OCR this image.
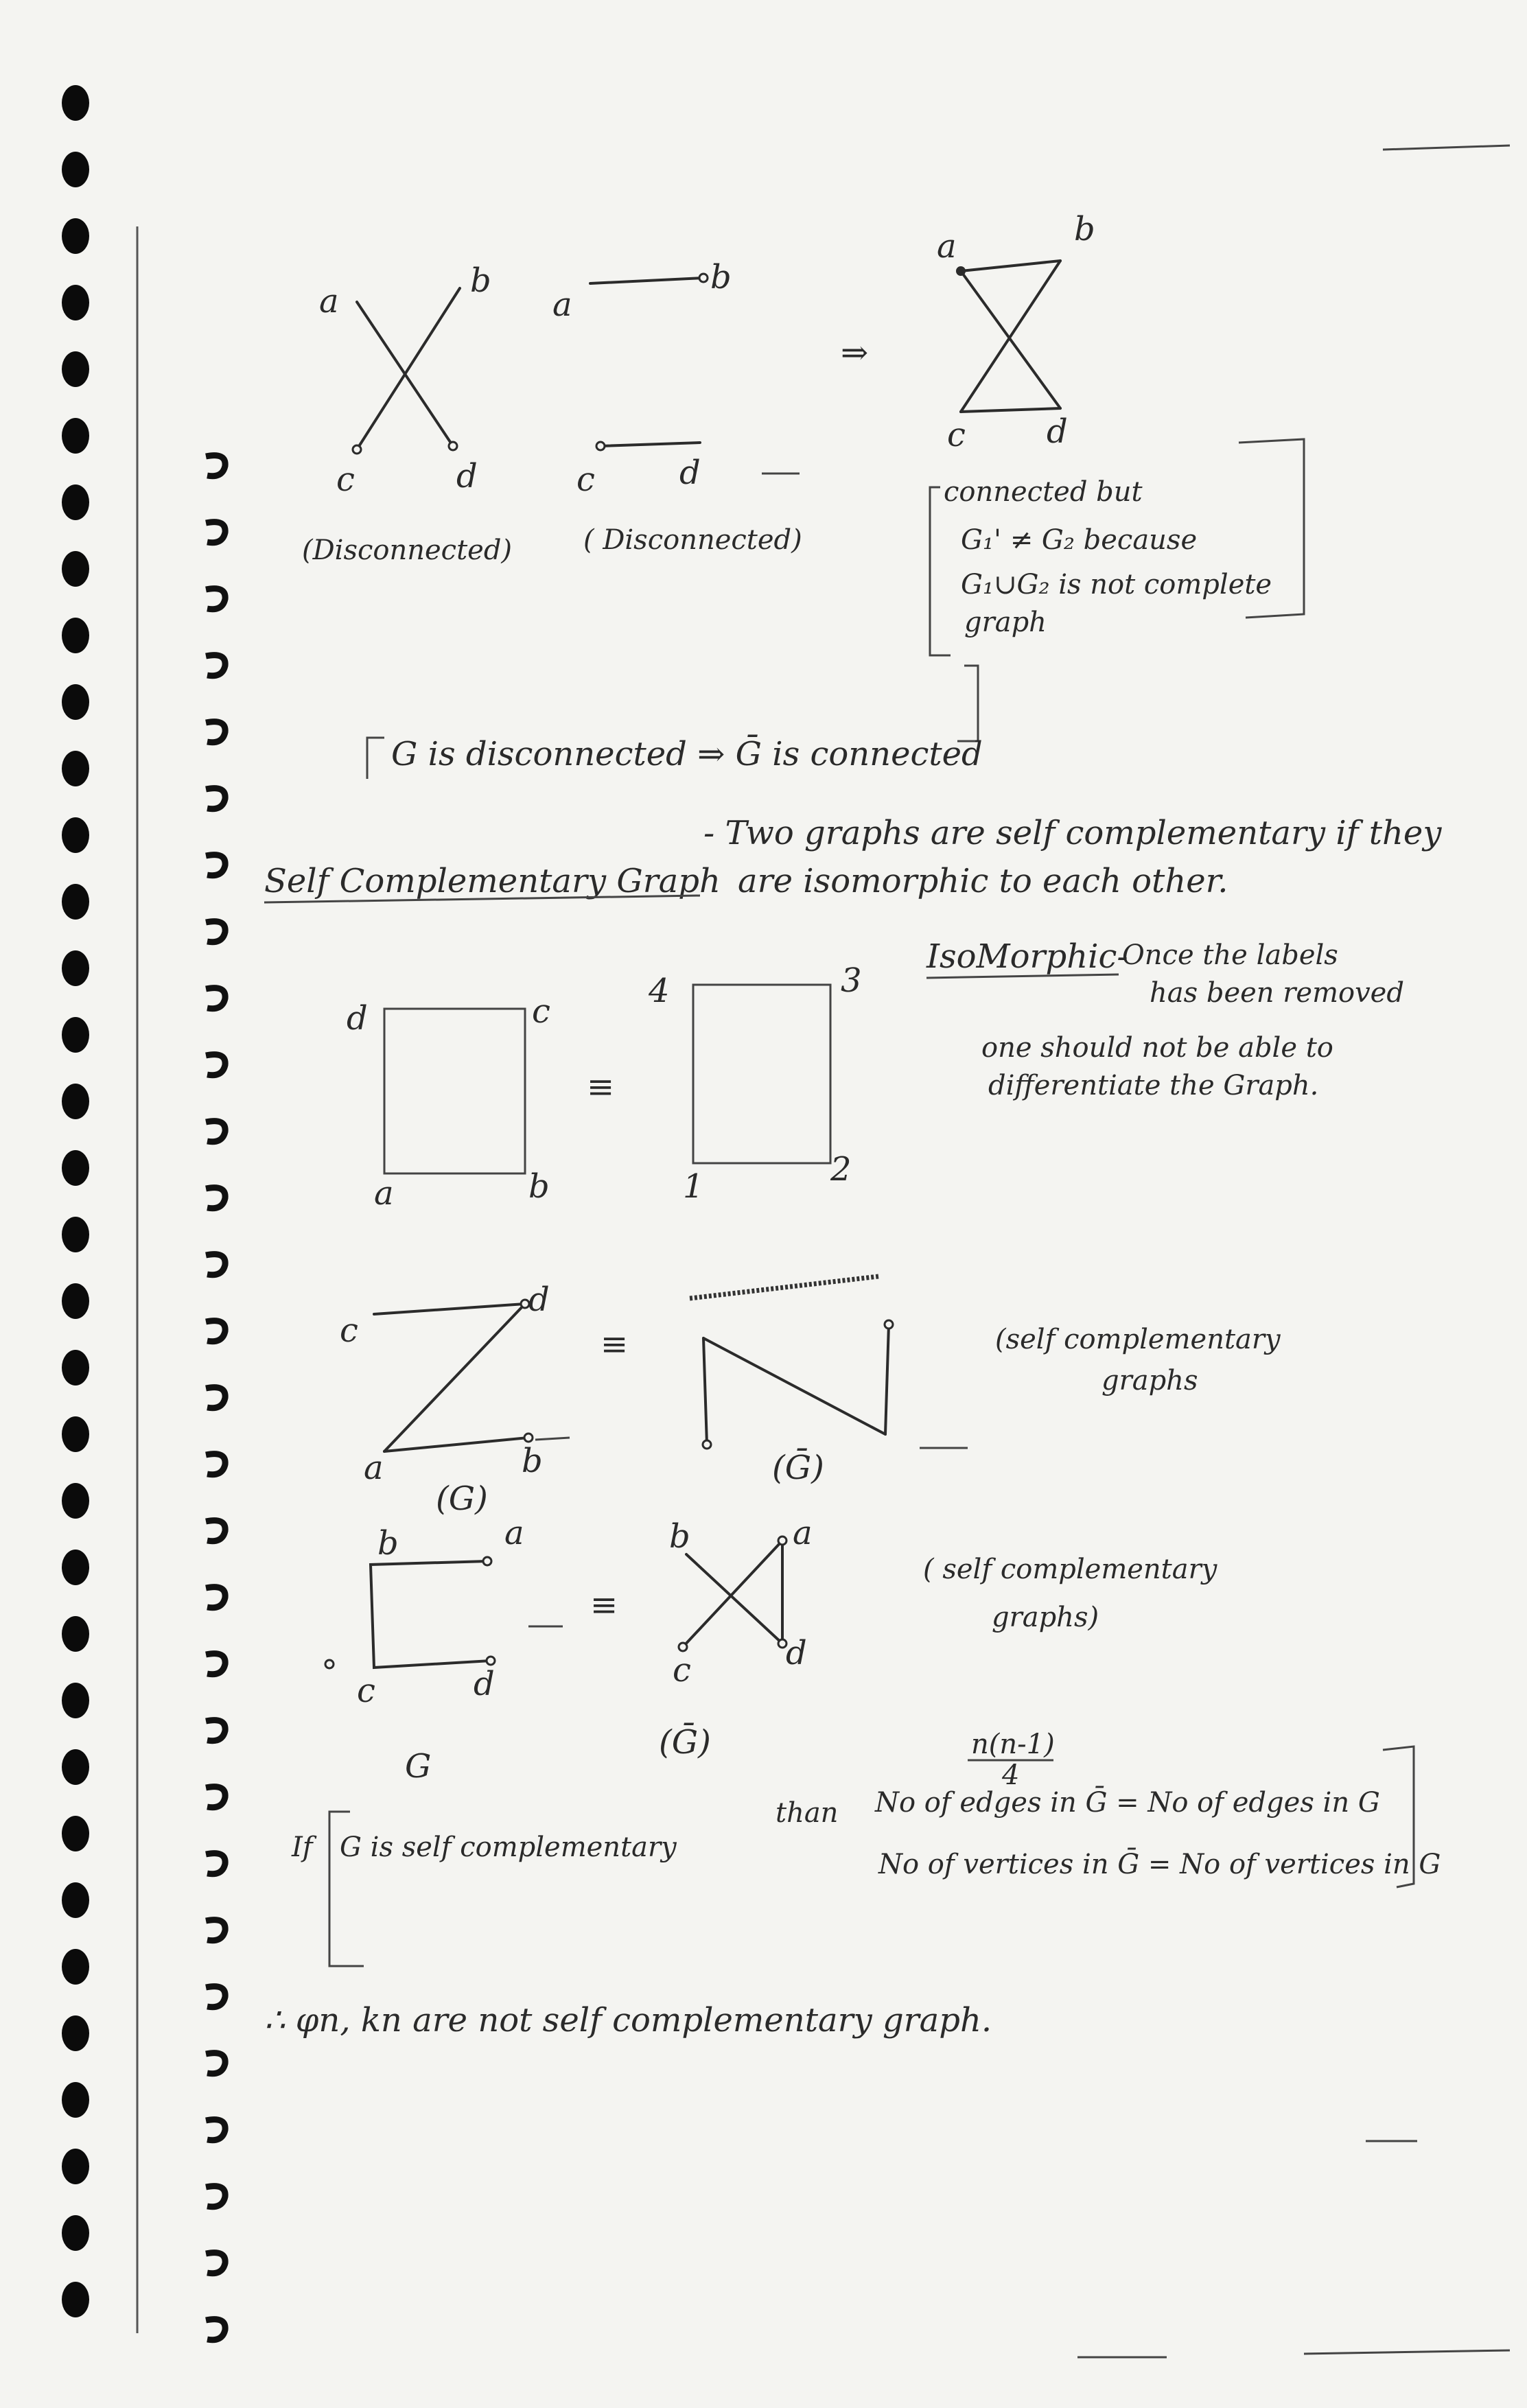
a
b
c	d
(Disconnected)
a
b
c	d
( Disconnected)
⇒
a	b
c d
connected but
G₁' ≠ G₂ because
G₁∪G₂ is not complete
graph
G is disconnected ⇒ Ḡ is connected
Self Complementary Graph
- Two graphs are self complementary if they
are isomorphic to each other.
d	c
a	b
≡
4	3
1	2
IsoMorphic-
Once the labels
has been removed
one should not be able to
differentiate the Graph.
c
d
a	b
(G)
≡
(Ḡ)
(self complementary
graphs
b	a
c	d
G
≡
b	a
c	d
(Ḡ)
( self complementary
graphs)
If G is self complementary
than
n(n-1)
4
No of edges in Ḡ = No of edges in G
No of vertices in Ḡ = No of vertices in G
∴ φn, kn are not self complementary graph.
